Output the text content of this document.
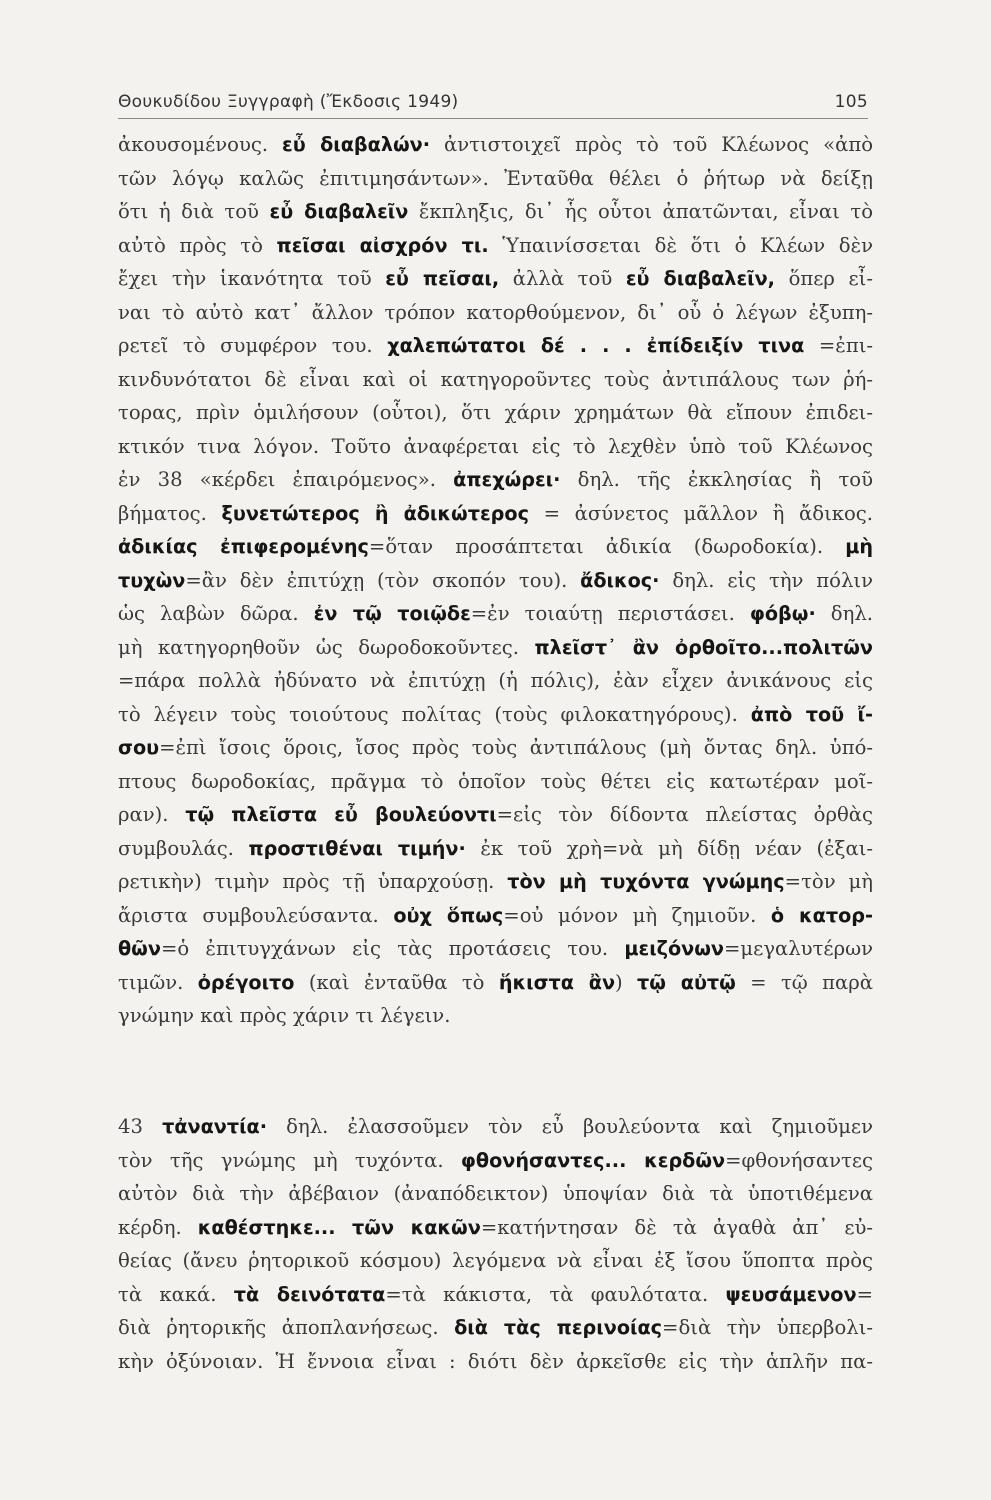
Θουκυδίδου Ξυγγραφὴ (Ἔκδοσις 1949)	105
ἀκουσομένους. εὖ διαβαλών· ἀντιστοιχεῖ πρὸς τὸ τοῦ Κλέωνος «ἀπὸ
τῶν λόγῳ καλῶς ἐπιτιμησάντων». Ἐνταῦθα θέλει ὁ ῥήτωρ νὰ δείξῃ
ὅτι ἡ διὰ τοῦ εὖ διαβαλεῖν ἔκπληξις, δι᾽ ἧς οὗτοι ἀπατῶνται, εἶναι τὸ
αὐτὸ πρὸς τὸ πεῖσαι αἰσχρόν τι. Ὑπαινίσσεται δὲ ὅτι ὁ Κλέων δὲν
ἔχει τὴν ἱκανότητα τοῦ εὖ πεῖσαι, ἀλλὰ τοῦ εὖ διαβαλεῖν, ὅπερ εἶ-
ναι τὸ αὐτὸ κατ᾽ ἄλλον τρόπον κατορθούμενον, δι᾽ οὗ ὁ λέγων ἐξυπη-
ρετεῖ τὸ συμφέρον του. χαλεπώτατοι δέ . . . ἐπίδειξίν τινα =ἐπι-
κινδυνότατοι δὲ εἶναι καὶ οἱ κατηγοροῦντες τοὺς ἀντιπάλους των ῥή-
τορας, πρὶν ὁμιλήσουν (οὗτοι), ὅτι χάριν χρημάτων θὰ εἴπουν ἐπιδει-
κτικόν τινα λόγον. Τοῦτο ἀναφέρεται εἰς τὸ λεχθὲν ὑπὸ τοῦ Κλέωνος
ἐν 38 «κέρδει ἐπαιρόμενος». ἀπεχώρει· δηλ. τῆς ἐκκλησίας ἢ τοῦ
βήματος. ξυνετώτερος ἢ ἀδικώτερος = ἀσύνετος μᾶλλον ἢ ἄδικος.
ἀδικίας ἐπιφερομένης=ὅταν προσάπτεται ἀδικία (δωροδοκία). μὴ
τυχὼν=ἂν δὲν ἐπιτύχῃ (τὸν σκοπόν του). ἄδικος· δηλ. εἰς τὴν πόλιν
ὡς λαβὼν δῶρα. ἐν τῷ τοιῷδε=ἐν τοιαύτῃ περιστάσει. φόβῳ· δηλ.
μὴ κατηγορηθοῦν ὡς δωροδοκοῦντες. πλεῖστ᾽ ἂν ὀρθοῖτο...πολιτῶν
=πάρα πολλὰ ἠδύνατο νὰ ἐπιτύχῃ (ἡ πόλις), ἐὰν εἶχεν ἀνικάνους εἰς
τὸ λέγειν τοὺς τοιούτους πολίτας (τοὺς φιλοκατηγόρους). ἀπὸ τοῦ ἴ-
σου=ἐπὶ ἴσοις ὅροις, ἴσος πρὸς τοὺς ἀντιπάλους (μὴ ὄντας δηλ. ὑπό-
πτους δωροδοκίας, πρᾶγμα τὸ ὁποῖον τοὺς θέτει εἰς κατωτέραν μοῖ-
ραν). τῷ πλεῖστα εὖ βουλεύοντι=εἰς τὸν δίδοντα πλείστας ὀρθὰς
συμβουλάς. προστιθέναι τιμήν· ἐκ τοῦ χρὴ=νὰ μὴ δίδῃ νέαν (ἐξαι-
ρετικὴν) τιμὴν πρὸς τῇ ὑπαρχούσῃ. τὸν μὴ τυχόντα γνώμης=τὸν μὴ
ἄριστα συμβουλεύσαντα. οὐχ ὅπως=οὐ μόνον μὴ ζημιοῦν. ὁ κατορ-
θῶν=ὁ ἐπιτυγχάνων εἰς τὰς προτάσεις του. μειζόνων=μεγαλυτέρων
τιμῶν. ὀρέγοιτο (καὶ ἐνταῦθα τὸ ἥκιστα ἂν) τῷ αὐτῷ = τῷ παρὰ
γνώμην καὶ πρὸς χάριν τι λέγειν.
43 τἀναντία· δηλ. ἐλασσοῦμεν τὸν εὖ βουλεύοντα καὶ ζημιοῦμεν
τὸν τῆς γνώμης μὴ τυχόντα. φθονήσαντες... κερδῶν=φθονήσαντες
αὐτὸν διὰ τὴν ἀβέβαιον (ἀναπόδεικτον) ὑποψίαν διὰ τὰ ὑποτιθέμενα
κέρδη. καθέστηκε... τῶν κακῶν=κατήντησαν δὲ τὰ ἀγαθὰ ἀπ᾽ εὐ-
θείας (ἄνευ ῥητορικοῦ κόσμου) λεγόμενα νὰ εἶναι ἐξ ἴσου ὕποπτα πρὸς
τὰ κακά. τὰ δεινότατα=τὰ κάκιστα, τὰ φαυλότατα. ψευσάμενον=
διὰ ῥητορικῆς ἀποπλανήσεως. διὰ τὰς περινοίας=διὰ τὴν ὑπερβολι-
κὴν ὀξύνοιαν. Ἡ ἔννοια εἶναι : διότι δὲν ἀρκεῖσθε εἰς τὴν ἁπλῆν πα-
